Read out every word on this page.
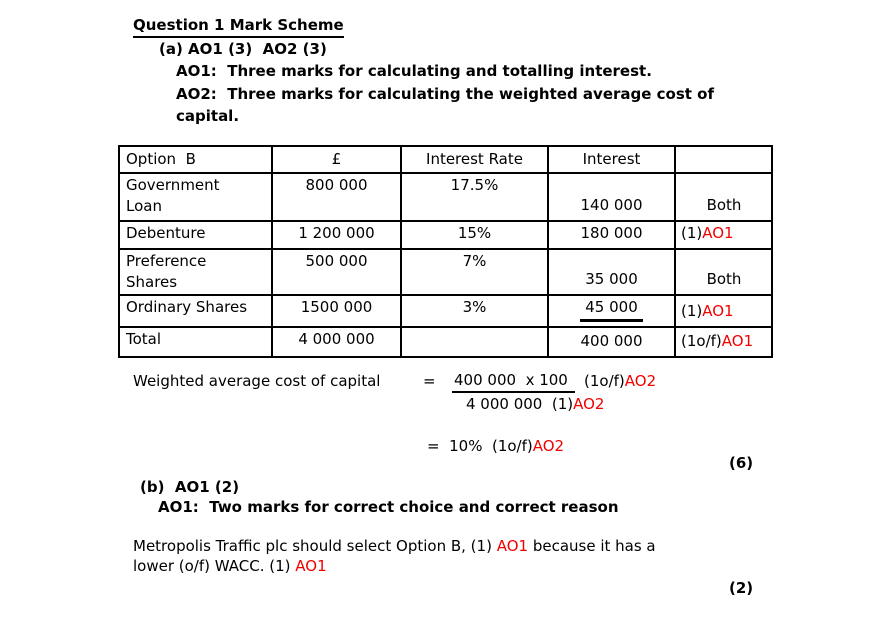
Question 1 Mark Scheme
(a) AO1 (3)  AO2 (3)
AO1:  Three marks for calculating and totalling interest.
AO2:  Three marks for calculating the weighted average cost of
capital.
Option  B	£	Interest Rate	Interest	
Government
Loan	800 000	17.5%	140 000	Both
Debenture	1 200 000	15%	180 000	(1)AO1
Preference
Shares	500 000	7%	35 000	Both
Ordinary Shares	1500 000	3%	45 000	(1)AO1
Total	4 000 000		400 000	(1o/f)AO1
Weighted average cost of capital	= 400 000  x 100	(1o/f)AO2
4 000 000  (1)AO2
=  10%  (1o/f)AO2
(6)
(b)  AO1 (2)
AO1:  Two marks for correct choice and correct reason
Metropolis Traffic plc should select Option B, (1) AO1 because it has a
lower (o/f) WACC. (1) AO1
(2)
